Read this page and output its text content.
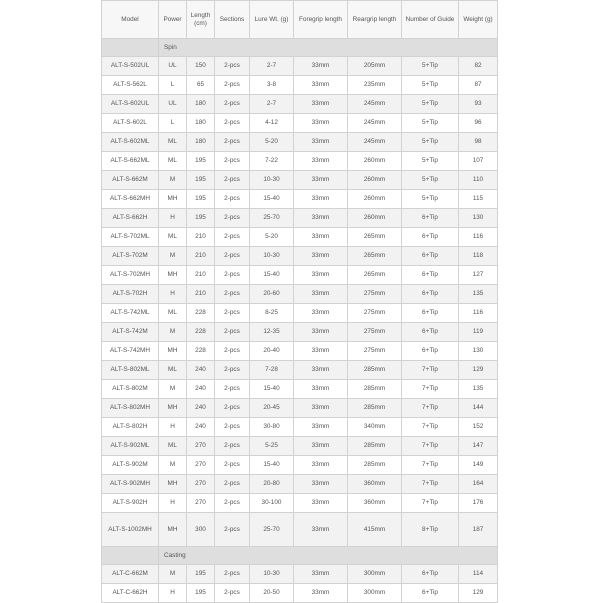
Model	Power	Length (cm)	Sections	Lure Wt. (g)	Foregrip length	Reargrip length	Number of Guide	Weight (g)
	Spin							
ALT-S-502UL	UL	150	2-pcs	2-7	33mm	205mm	5+Tip	82
ALT-S-562L	L	65	2-pcs	3-8	33mm	235mm	5+Tip	87
ALT-S-602UL	UL	180	2-pcs	2-7	33mm	245mm	5+Tip	93
ALT-S-602L	L	180	2-pcs	4-12	33mm	245mm	5+Tip	96
ALT-S-602ML	ML	180	2-pcs	5-20	33mm	245mm	5+Tip	98
ALT-S-662ML	ML	195	2-pcs	7-22	33mm	260mm	5+Tip	107
ALT-S-662M	M	195	2-pcs	10-30	33mm	260mm	5+Tip	110
ALT-S-662MH	MH	195	2-pcs	15-40	33mm	260mm	5+Tip	115
ALT-S-662H	H	195	2-pcs	25-70	33mm	260mm	6+Tip	130
ALT-S-702ML	ML	210	2-pcs	5-20	33mm	265mm	6+Tip	116
ALT-S-702M	M	210	2-pcs	10-30	33mm	265mm	6+Tip	118
ALT-S-702MH	MH	210	2-pcs	15-40	33mm	265mm	6+Tip	127
ALT-S-702H	H	210	2-pcs	20-60	33mm	275mm	6+Tip	135
ALT-S-742ML	ML	228	2-pcs	8-25	33mm	275mm	6+Tip	116
ALT-S-742M	M	228	2-pcs	12-35	33mm	275mm	6+Tip	119
ALT-S-742MH	MH	228	2-pcs	20-40	33mm	275mm	6+Tip	130
ALT-S-802ML	ML	240	2-pcs	7-28	33mm	285mm	7+Tip	129
ALT-S-802M	M	240	2-pcs	15-40	33mm	285mm	7+Tip	135
ALT-S-802MH	MH	240	2-pcs	20-45	33mm	285mm	7+Tip	144
ALT-S-802H	H	240	2-pcs	30-80	33mm	340mm	7+Tip	152
ALT-S-902ML	ML	270	2-pcs	5-25	33mm	285mm	7+Tip	147
ALT-S-902M	M	270	2-pcs	15-40	33mm	285mm	7+Tip	149
ALT-S-902MH	MH	270	2-pcs	20-80	33mm	360mm	7+Tip	164
ALT-S-902H	H	270	2-pcs	30-100	33mm	360mm	7+Tip	176
ALT-S-1002MH	MH	300	2-pcs	25-70	33mm	415mm	8+Tip	187
	Casting							
ALT-C-662M	M	195	2-pcs	10-30	33mm	300mm	6+Tip	114
ALT-C-662H	H	195	2-pcs	20-50	33mm	300mm	6+Tip	129
